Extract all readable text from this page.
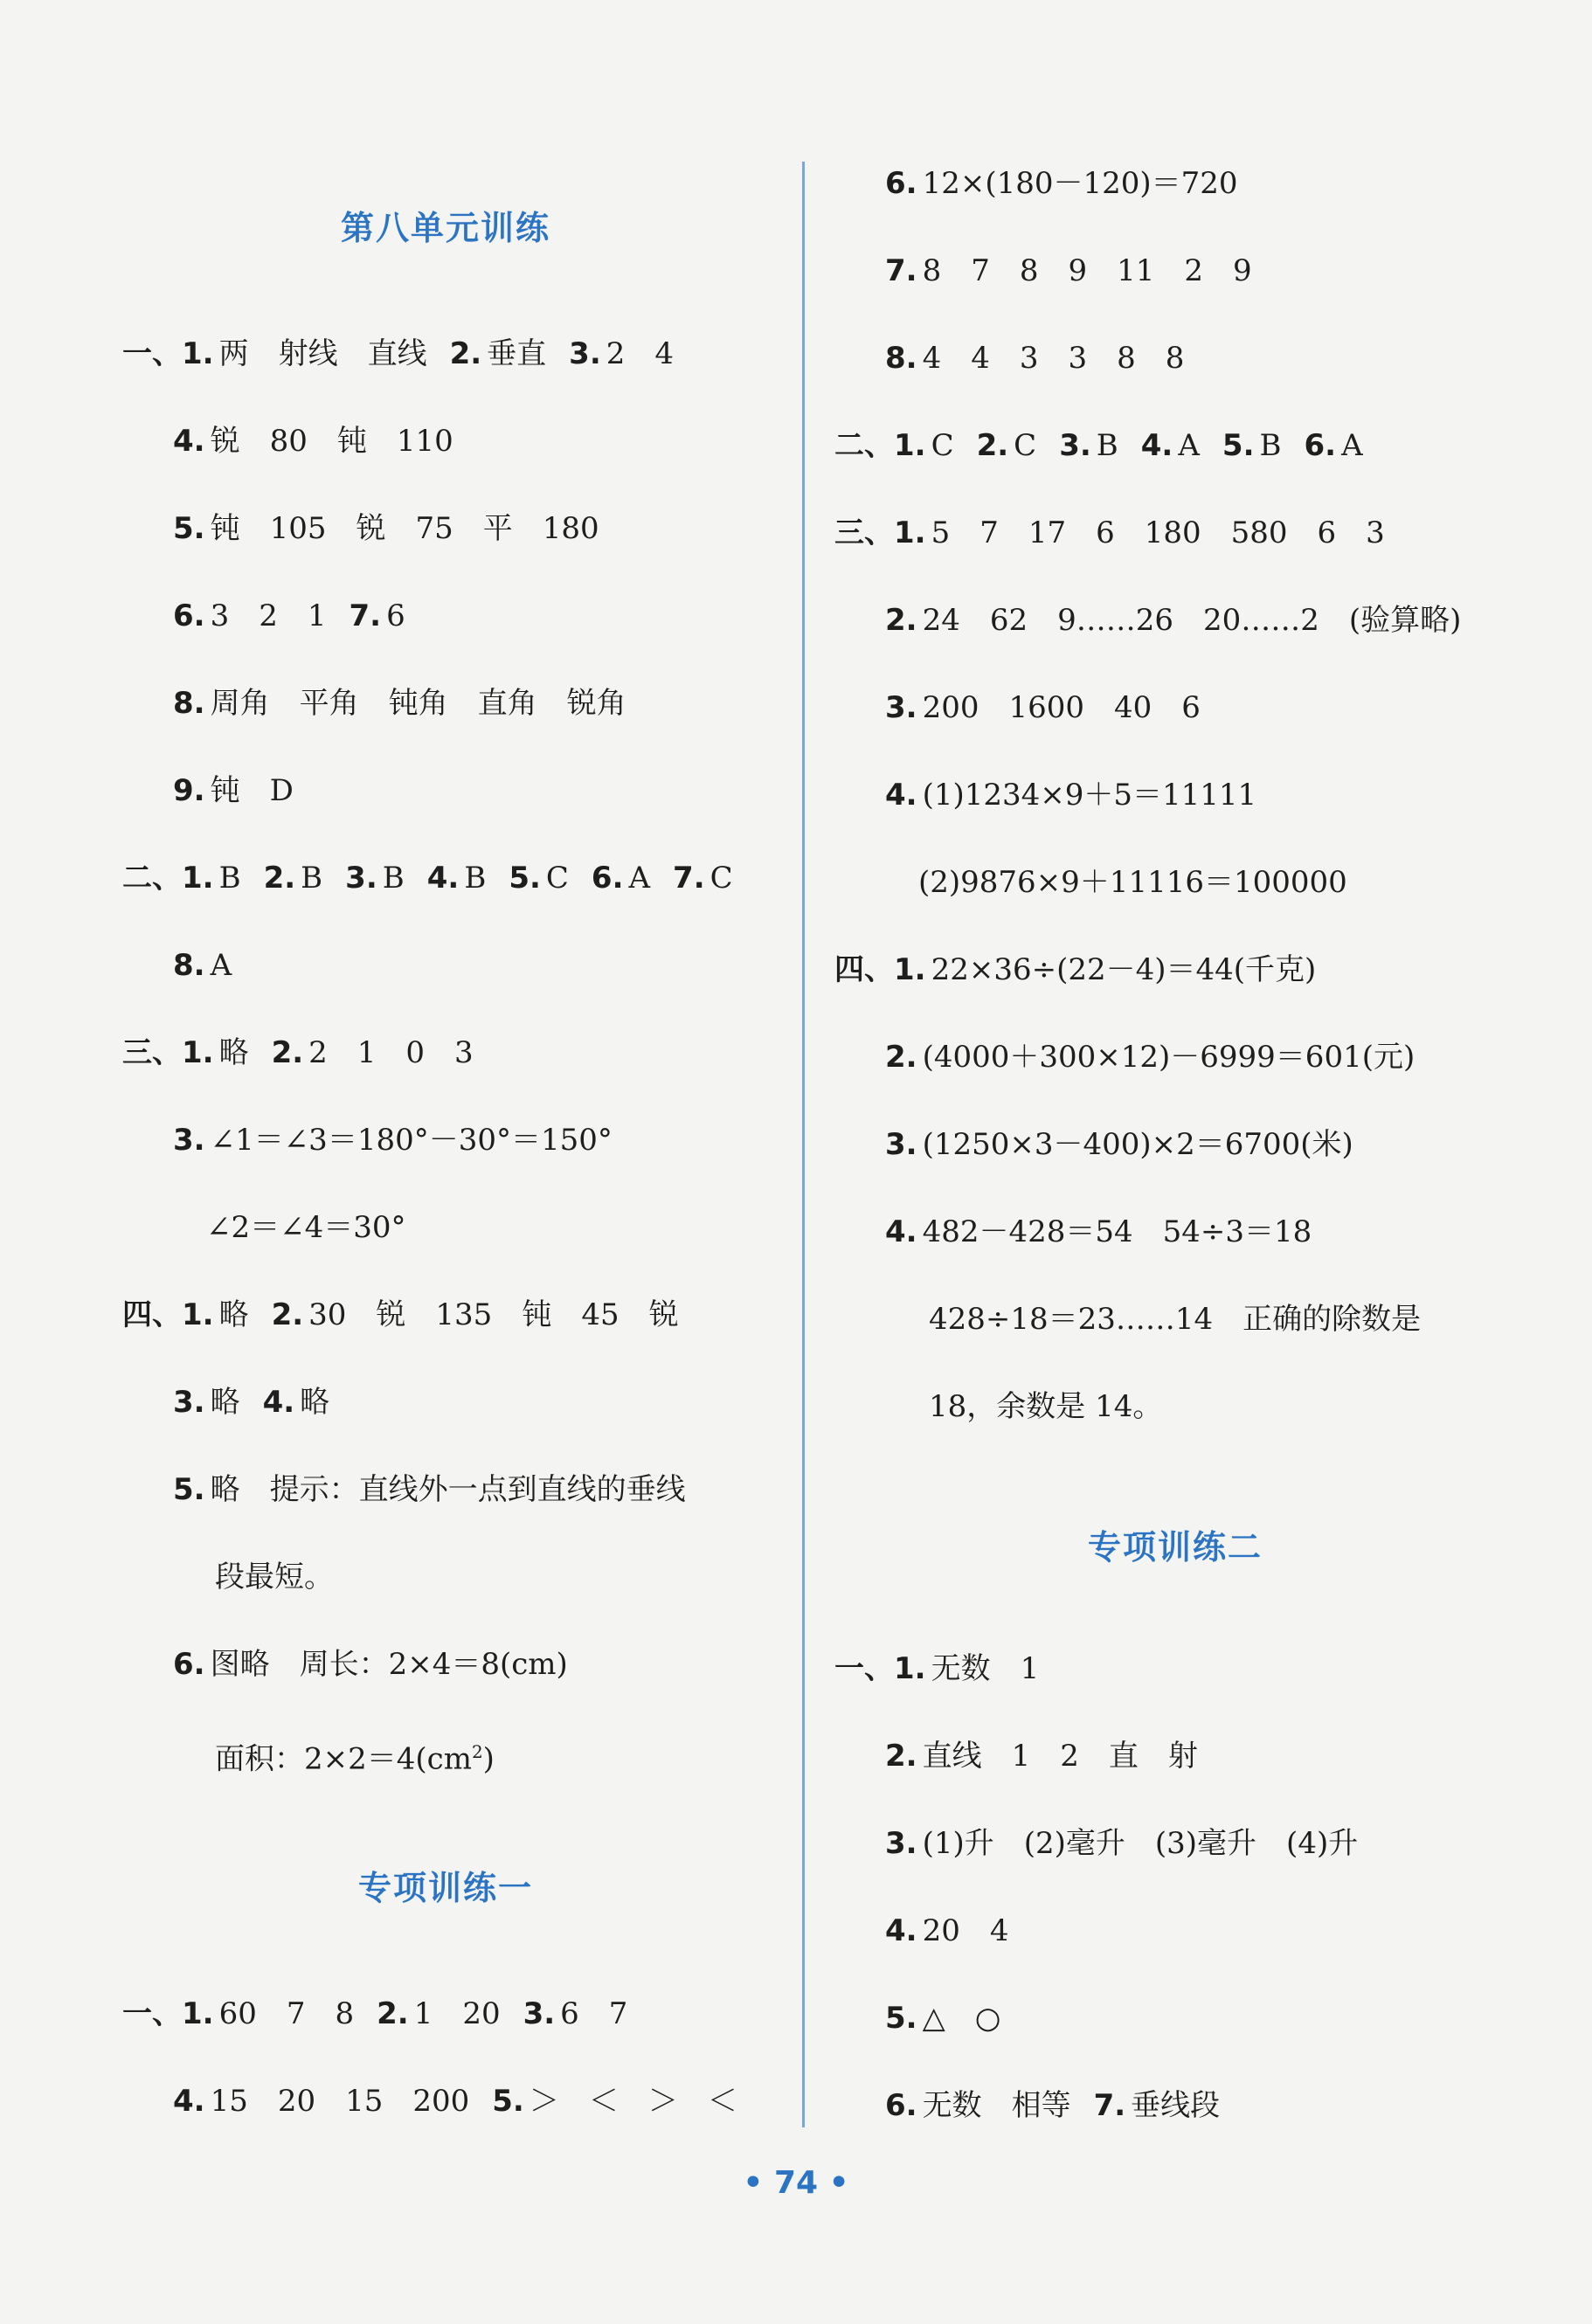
第八单元训练
一、1. 两　射线　直线 2. 垂直 3. 2　4
4. 锐　80　钝　110
5. 钝　105　锐　75　平　180
6. 3　2　1 7. 6
8. 周角　平角　钝角　直角　锐角
9. 钝　D
二、1. B 2. B 3. B 4. B 5. C 6. A 7. C
8. A
三、1. 略 2. 2　1　0　3
3. ∠1＝∠3＝180°－30°＝150°
∠2＝∠4＝30°
四、1. 略 2. 30　锐　135　钝　45　锐
3. 略 4. 略
5. 略　提示：直线外一点到直线的垂线
段最短。
6. 图略　周长：2×4＝8(cm)
面积：$2\times 2=4(cm^2)$
专项训练一
一、1. 60　7　8 2. 1　20 3. 6　7
4. 15　20　15　200 5. ＞　＜　＞　＜
6. 12×(180－120)＝720
7. 8　7　8　9　11　2　9
8. 4　4　3　3　8　8
二、1. C 2. C 3. B 4. A 5. B 6. A
三、1. 5　7　17　6　180　580　6　3
2. 24　62　9……26　20……2　(验算略)
3. 200　1600　40　6
4. (1)1234×9＋5＝11111
(2)9876×9＋11116＝100000
四、1. 22×36÷(22－4)＝44(千克)
2. (4000＋300×12)－6999＝601(元)
3. (1250×3－400)×2＝6700(米)
4. 482－428＝54　54÷3＝18
428÷18＝23……14　正确的除数是
18，余数是 14。
专项训练二
一、1. 无数　1
2. 直线　1　2　直　射
3. (1)升　(2)毫升　(3)毫升　(4)升
4. 20　4
5. △　○
6. 无数　相等 7. 垂线段
• 74 •
